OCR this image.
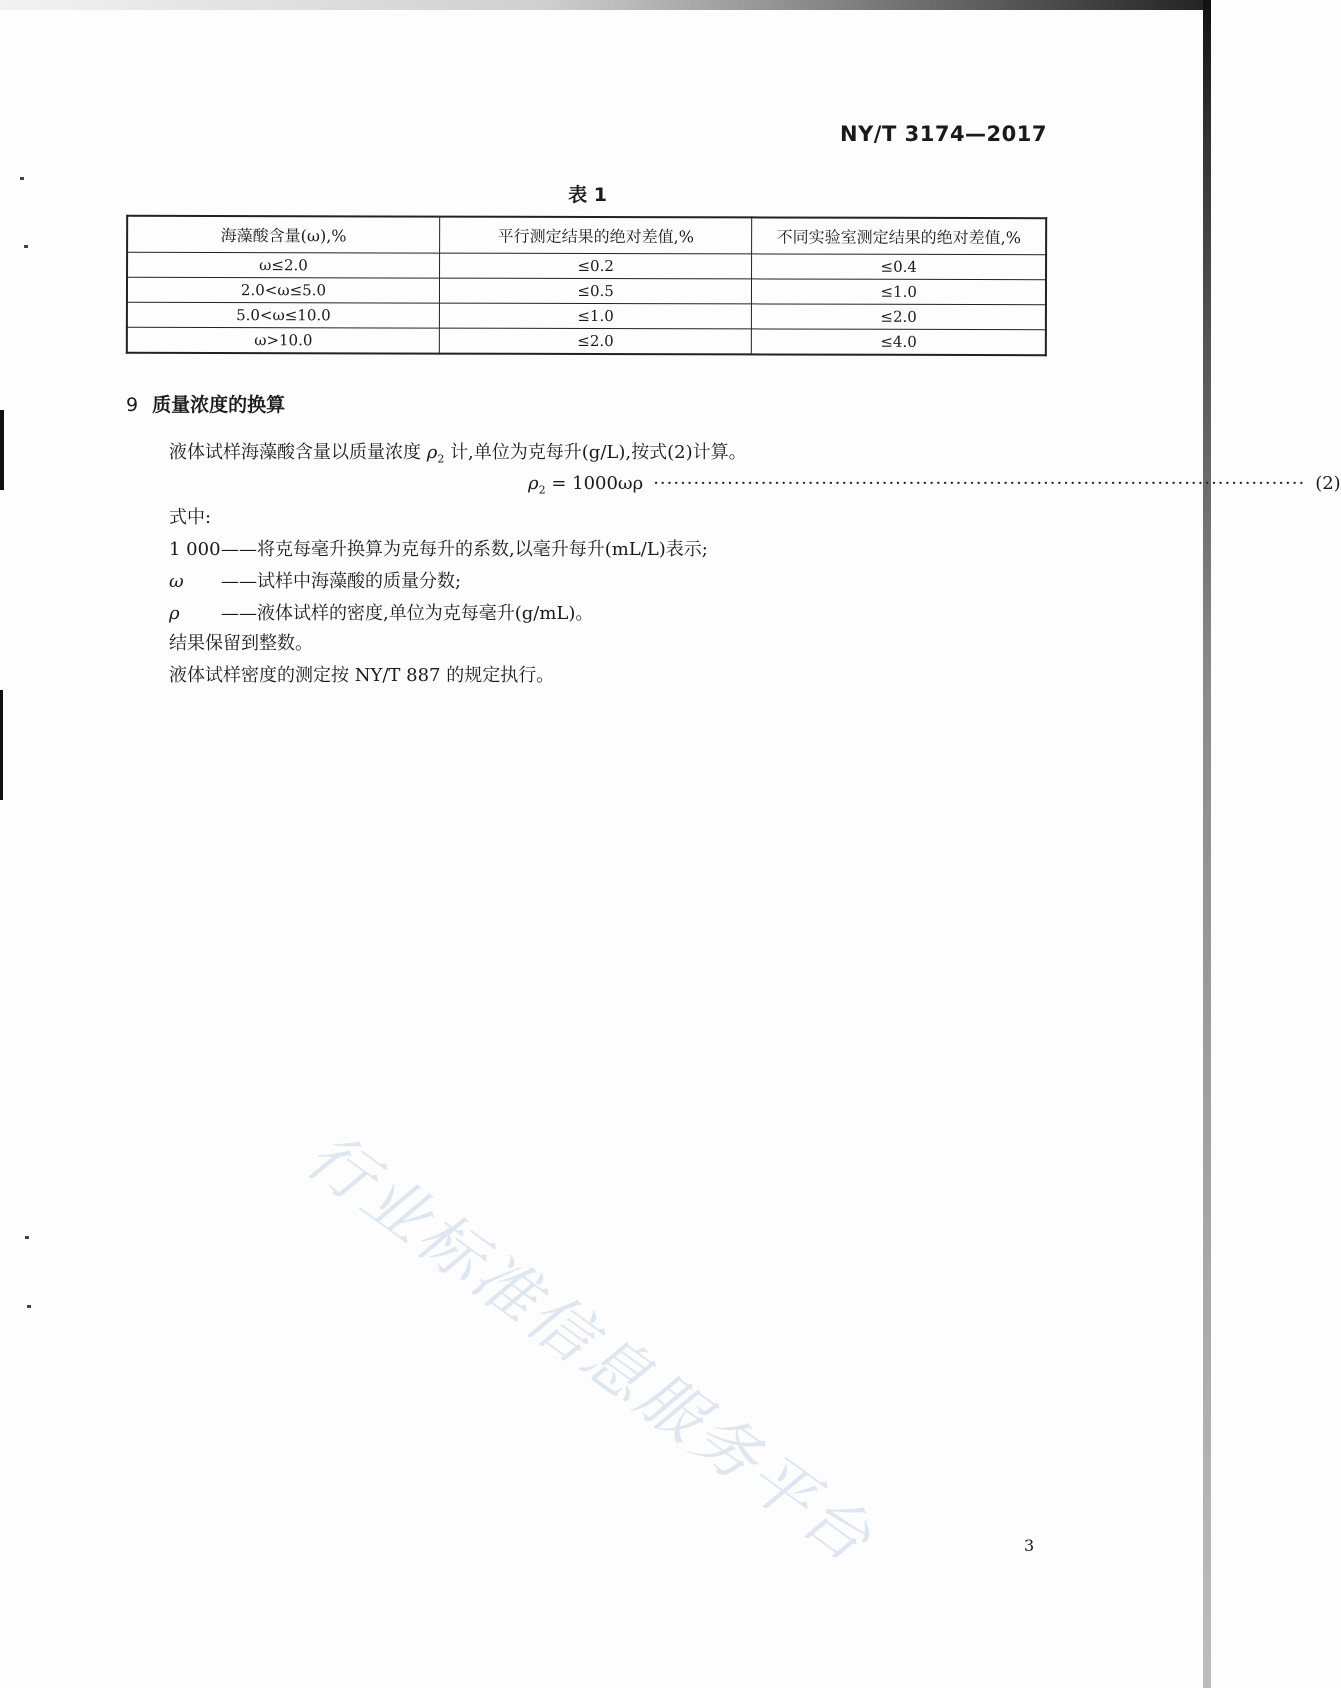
NY/T 3174—2017
表 1
海藻酸含量(ω),%	平行测定结果的绝对差值,%	不同实验室测定结果的绝对差值,%
ω≤2.0	≤0.2	≤0.4
2.0<ω≤5.0	≤0.5	≤1.0
5.0<ω≤10.0	≤1.0	≤2.0
ω>10.0	≤2.0	≤4.0
9 质量浓度的换算
液体试样海藻酸含量以质量浓度 $\rho_2$ 计,单位为克每升(g/L),按式(2)计算。
$\rho_2 = 1000\omega\rho$ ································································································· (2)
式中:
1 000——将克每毫升换算为克每升的系数,以毫升每升(mL/L)表示;
ω ——试样中海藻酸的质量分数;
ρ ——液体试样的密度,单位为克每毫升(g/mL)。
结果保留到整数。
液体试样密度的测定按 NY/T 887 的规定执行。
行业标准信息服务平台	3
